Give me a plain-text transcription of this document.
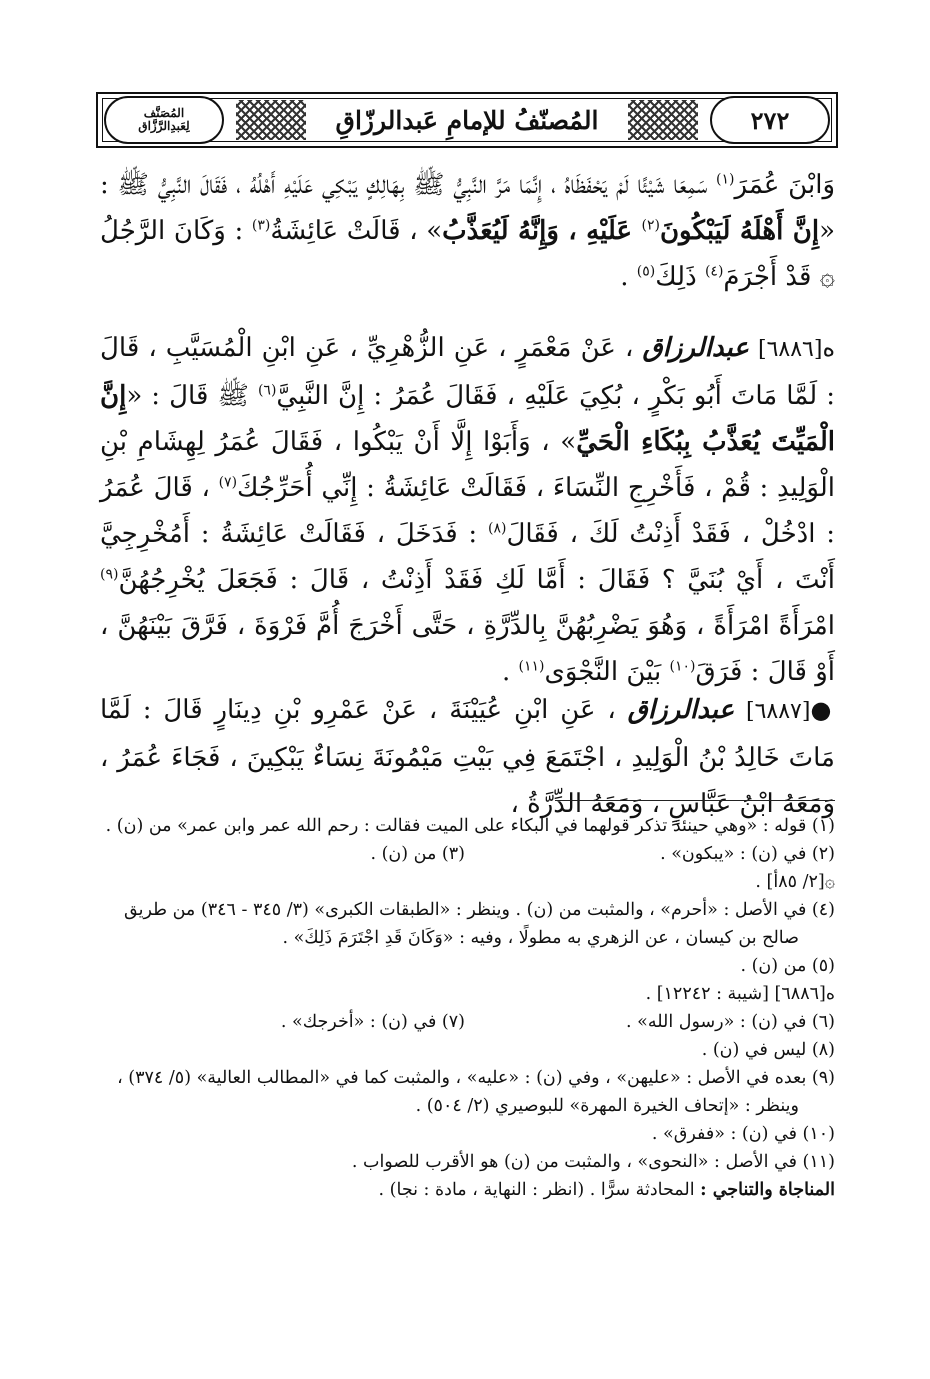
٢٧٢
المُصَنَّف
لِعَبدِالرَّزَّاق	المُصنّفُ للإمامِ عَبدالرزّاقِ

وَابْنَ عُمَرَ$^{(١)}$ سَمِعَا شَيْئًا لَمْ يَحْفَظَاهُ ، إِنَّمَا مَرَّ النَّبِيُّ ﷺ بِهَالِكٍ يَبْكِي عَلَيْهِ أَهْلُهُ ، فَقَالَ النَّبِيُّ ﷺ : «إِنَّ أَهْلَهُ لَيَبْكُونَ$^{(٢)}$ عَلَيْهِ ، وَإِنَّهُ لَيُعَذَّبُ» ، قَالَتْ عَائِشَةُ$^{(٣)}$ : وَكَانَ الرَّجُلُ ۞ قَدْ أَجْرَمَ$^{(٤)}$ ذَلِكَ$^{(٥)}$ .

ە[٦٨٨٦] عبدالرزاق ، عَنْ مَعْمَرٍ ، عَنِ الزُّهْرِيِّ ، عَنِ ابْنِ الْمُسَيَّبِ ، قَالَ : لَمَّا مَاتَ أَبُو بَكْرٍ ، بُكِيَ عَلَيْهِ ، فَقَالَ عُمَرُ : إِنَّ النَّبِيَّ$^{(٦)}$ ﷺ قَالَ : «إِنَّ الْمَيِّتَ يُعَذَّبُ بِبُكَاءِ الْحَيِّ» ، وَأَبَوْا إِلَّا أَنْ يَبْكُوا ، فَقَالَ عُمَرُ لِهِشَامِ بْنِ الْوَلِيدِ : قُمْ ، فَأَخْرِجِ النِّسَاءَ ، فَقَالَتْ عَائِشَةُ : إِنِّي أُحَرِّجُكَ$^{(٧)}$ ، قَالَ عُمَرُ : ادْخُلْ ، فَقَدْ أَذِنْتُ لَكَ ، فَقَالَ$^{(٨)}$ : فَدَخَلَ ، فَقَالَتْ عَائِشَةُ : أَمُخْرِجِيَّ أَنْتَ ، أَيْ بُنَيَّ ؟ فَقَالَ : أَمَّا لَكِ فَقَدْ أَذِنْتُ ، قَالَ : فَجَعَلَ يُخْرِجُهُنَّ$^{(٩)}$ امْرَأَةً امْرَأَةً ، وَهُوَ يَضْرِبُهُنَّ بِالدِّرَّةِ ، حَتَّى أَخْرَجَ أُمَّ فَرْوَةَ ، فَرَّقَ بَيْنَهُنَّ ، أَوْ قَالَ : فَرَقَ$^{(١٠)}$ بَيْنَ النَّجْوَى$^{(١١)}$ .

●[٦٨٨٧] عبدالرزاق ، عَنِ ابْنِ عُيَيْنَةَ ، عَنْ عَمْرِو بْنِ دِينَارٍ قَالَ : لَمَّا مَاتَ خَالِدُ بْنُ الْوَلِيدِ ، اجْتَمَعَ فِي بَيْتِ مَيْمُونَةَ نِسَاءٌ يَبْكِينَ ، فَجَاءَ عُمَرُ ، وَمَعَهُ ابْنُ عَبَّاسٍ ، وَمَعَهُ الدِّرَّةُ ،

(١) قوله : «وهي حينئذ تذكر قولهما في البكاء على الميت فقالت : رحم الله عمر وابن عمر» من (ن) .

(٢) في (ن) : «يبكون» .
(٣) من (ن) .

۞[٢/ ٨٥أ] .

(٤) في الأصل : «أحرم» ، والمثبت من (ن) . وينظر : «الطبقات الكبرى» (٣/ ٣٤٥ - ٣٤٦) من طريق

صالح بن كيسان ، عن الزهري به مطولًا ، وفيه : «وَكَانَ قَدِ اجْتَرَمَ ذَلِكَ» .

(٥) من (ن) .

ە[٦٨٨٦] [شيبة : ١٢٢٤٢] .

(٦) في (ن) : «رسول الله» .
(٧) في (ن) : «أخرجك» .

(٨) ليس في (ن) .

(٩) بعده في الأصل : «عليهن» ، وفي (ن) : «عليه» ، والمثبت كما في «المطالب العالية» (٥/ ٣٧٤) ،

وينظر : «إتحاف الخيرة المهرة» للبوصيري (٢/ ٥٠٤) .

(١٠) في (ن) : «ففرق» .

(١١) في الأصل : «النحوى» ، والمثبت من (ن) هو الأقرب للصواب .

المناجاة والتناجي : المحادثة سرًّا . (انظر : النهاية ، مادة : نجا) .
